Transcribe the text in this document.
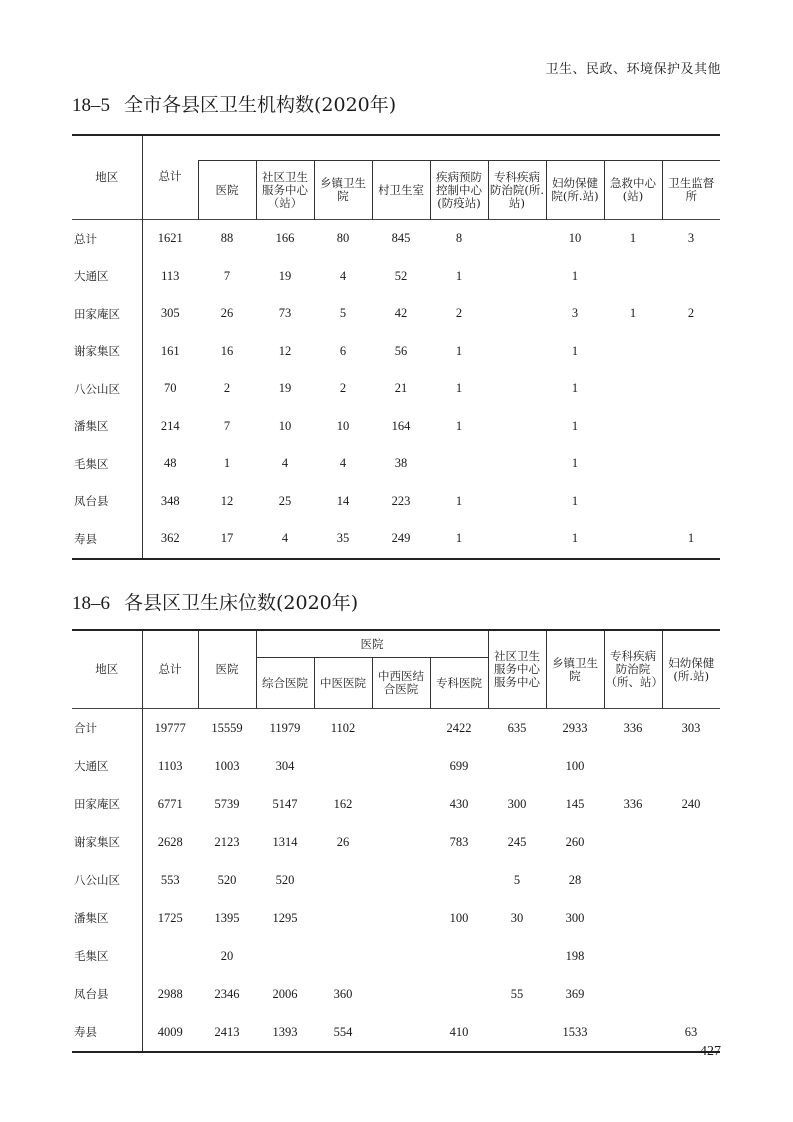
卫生、民政、环境保护及其他
18–5 全市各县区卫生机构数(2020年)
地区	总计									
		医院	社区卫生服务中心（站）	乡镇卫生院	村卫生室	疾病预防控制中心(防疫站)	专科疾病防治院(所.站)	妇幼保健院(所.站)	急救中心(站)	卫生监督所
总计	1621	88	166	80	845	8		10	1	3
大通区	113	7	19	4	52	1		1		
田家庵区	305	26	73	5	42	2		3	1	2
谢家集区	161	16	12	6	56	1		1		
八公山区	70	2	19	2	21	1		1		
潘集区	214	7	10	10	164	1		1		
毛集区	48	1	4	4	38			1		
凤台县	348	12	25	14	223	1		1		
寿县	362	17	4	35	249	1		1		1
18–6 各县区卫生床位数(2020年)
地区	总计	医院	医院				社区卫生服务中心服务中心	乡镇卫生院	专科疾病防治院（所、站）	妇幼保健(所.站)
			综合医院	中医医院	中西医结合医院	专科医院				
合计	19777	15559	11979	1102		2422	635	2933	336	303
大通区	1103	1003	304			699		100		
田家庵区	6771	5739	5147	162		430	300	145	336	240
谢家集区	2628	2123	1314	26		783	245	260		
八公山区	553	520	520				5	28		
潘集区	1725	1395	1295			100	30	300		
毛集区		20						198		
凤台县	2988	2346	2006	360			55	369		
寿县	4009	2413	1393	554		410		1533		63
427
